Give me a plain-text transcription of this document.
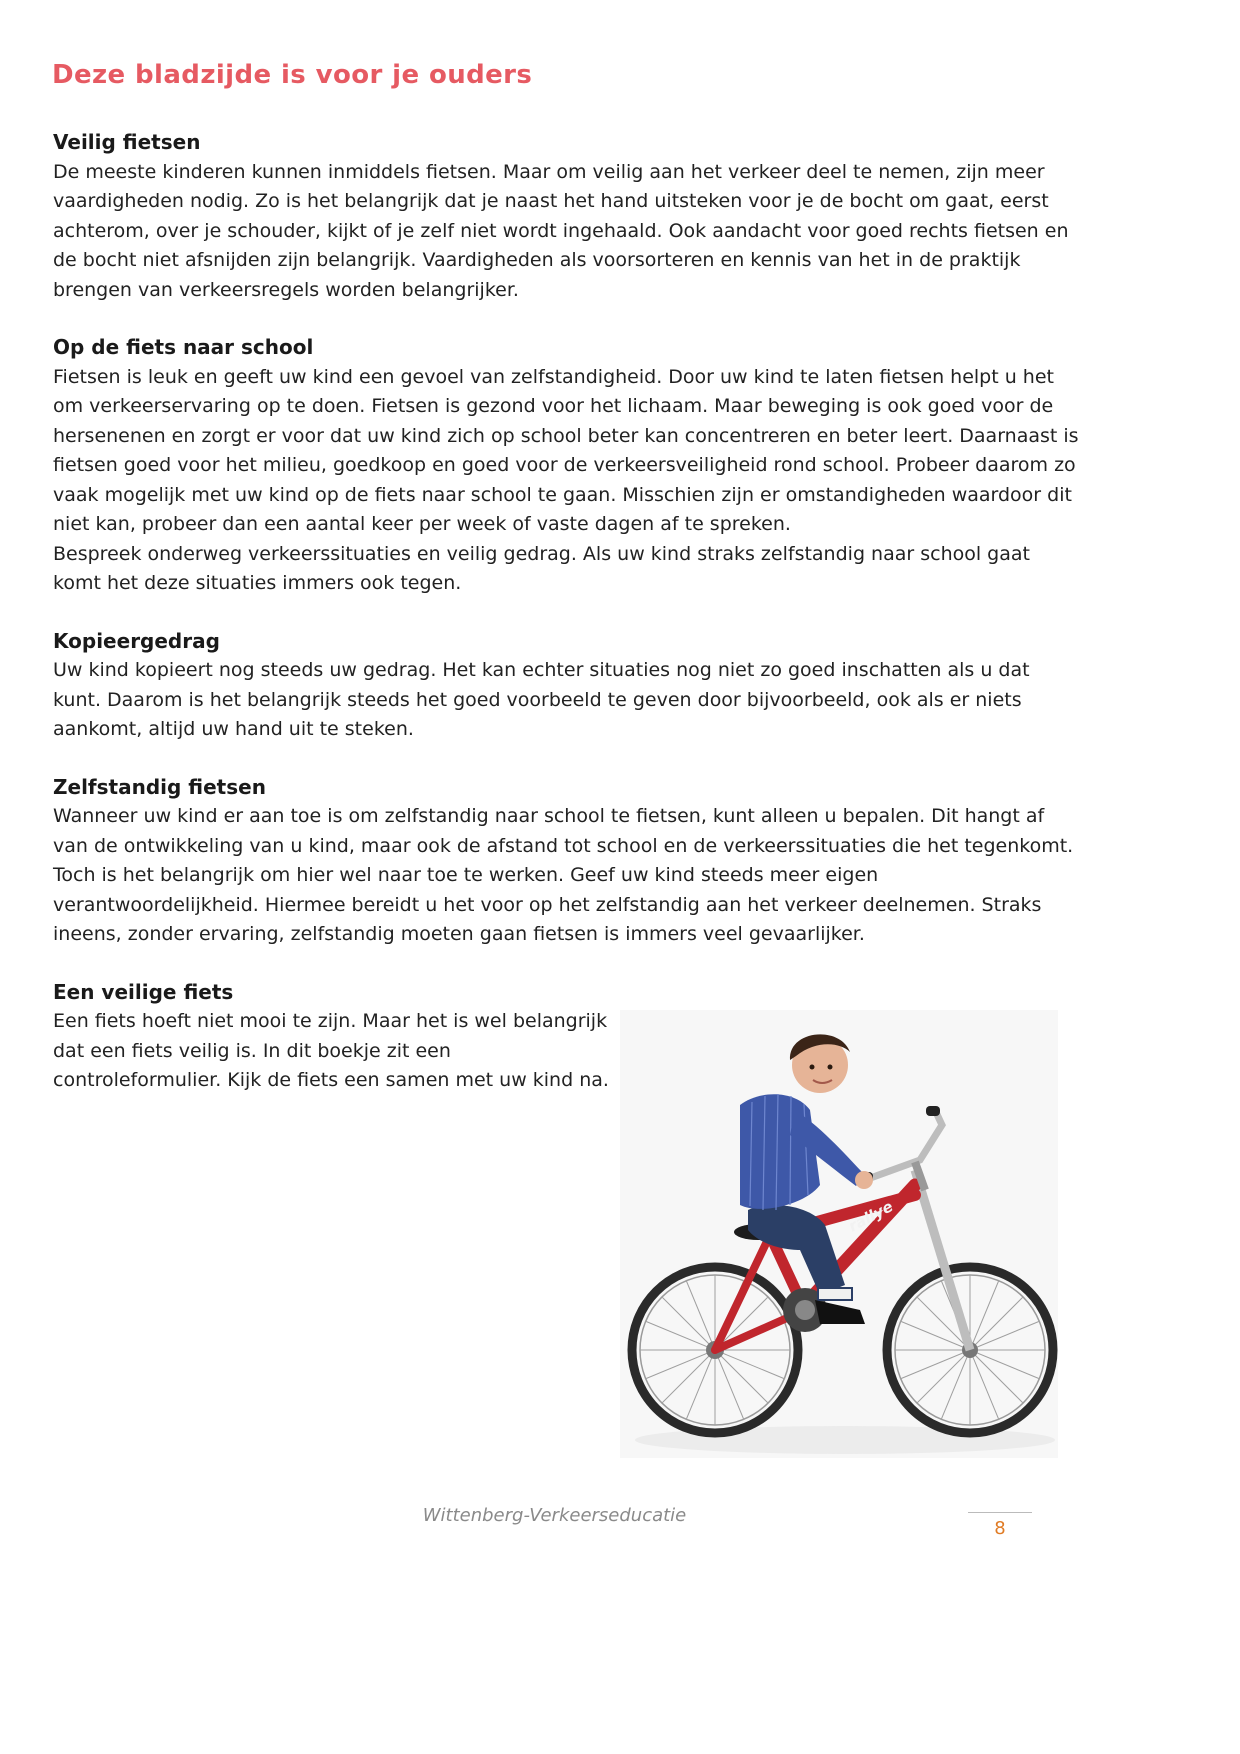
Deze bladzijde is voor je ouders
Veilig fietsen

De meeste kinderen kunnen inmiddels fietsen. Maar om veilig aan het verkeer deel te nemen, zijn meer vaardigheden nodig. Zo is het belangrijk dat je naast het hand uitsteken voor je de bocht om gaat, eerst achterom, over je schouder, kijkt of je zelf niet wordt ingehaald. Ook aandacht voor goed rechts fietsen en de bocht niet afsnijden zijn belangrijk. Vaardigheden als voorsorteren en kennis van het in de praktijk brengen van verkeersregels worden belangrijker.

Op de fiets naar school

Fietsen is leuk en geeft uw kind een gevoel van zelfstandigheid. Door uw kind te laten fietsen helpt u het om verkeerservaring op te doen. Fietsen is gezond voor het lichaam. Maar beweging is ook goed voor de hersenenen en zorgt er voor dat uw kind zich op school beter kan concentreren en beter leert. Daarnaast is fietsen goed voor het milieu, goedkoop en goed voor de verkeersveiligheid rond school. Probeer daarom zo vaak mogelijk met uw kind op de fiets naar school te gaan. Misschien zijn er omstandigheden waardoor dit niet kan, probeer dan een aantal keer per week of vaste dagen af te spreken.

Bespreek onderweg verkeerssituaties en veilig gedrag. Als uw kind straks zelfstandig naar school gaat komt het deze situaties immers ook tegen.

Kopieergedrag

Uw kind kopieert nog steeds uw gedrag. Het kan echter situaties nog niet zo goed inschatten als u dat kunt. Daarom is het belangrijk steeds het goed voorbeeld te geven door bijvoorbeeld, ook als er niets aankomt, altijd uw hand uit te steken.

Zelfstandig fietsen

Wanneer uw kind er aan toe is om zelfstandig naar school te fietsen, kunt alleen u bepalen. Dit hangt af van de ontwikkeling van u kind, maar ook de afstand tot school en de verkeerssituaties die het tegenkomt. Toch is het belangrijk om hier wel naar toe te werken. Geef uw kind steeds meer eigen verantwoordelijkheid. Hiermee bereidt u het voor op het zelfstandig aan het verkeer deelnemen. Straks ineens, zonder ervaring, zelfstandig moeten gaan fietsen is immers veel gevaarlijker.

Een veilige fiets

Een fiets hoeft niet mooi te zijn. Maar het is wel belangrijk dat een fiets veilig is. In dit boekje zit een controleformulier. Kijk de fiets een samen met uw kind na.

rallye
Wittenberg-Verkeerseducatie
8
